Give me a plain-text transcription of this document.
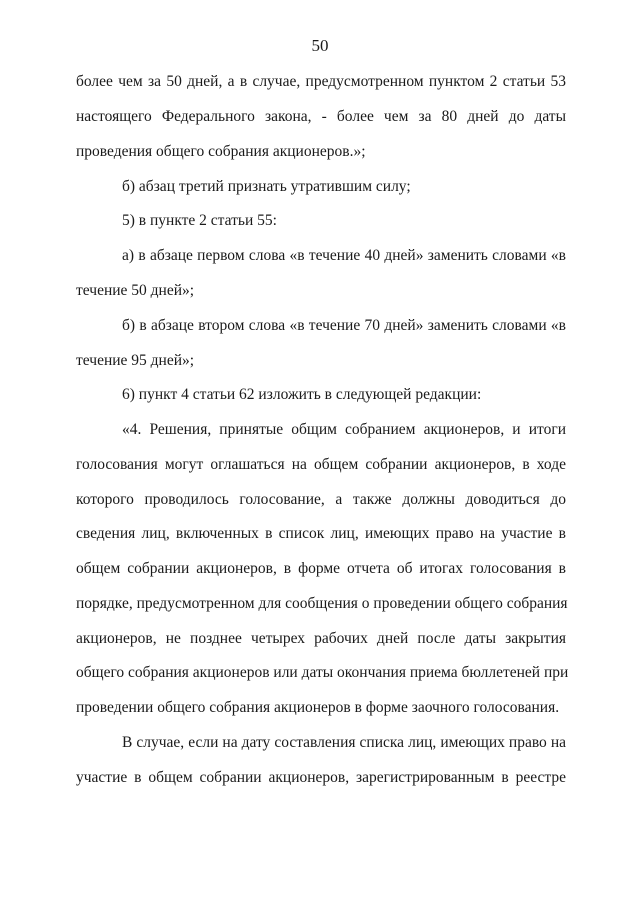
50
более чем за 50 дней, а в случае, предусмотренном пунктом 2 статьи 53
настоящего Федерального закона, - более чем за 80 дней до даты
проведения общего собрания акционеров.»;
б) абзац третий признать утратившим силу;
5) в пункте 2 статьи 55:
а) в абзаце первом слова «в течение 40 дней» заменить словами «в
течение 50 дней»;
б) в абзаце втором слова «в течение 70 дней» заменить словами «в
течение 95 дней»;
6) пункт 4 статьи 62 изложить в следующей редакции:
«4. Решения, принятые общим собранием акционеров, и итоги
голосования могут оглашаться на общем собрании акционеров, в ходе
которого проводилось голосование, а также должны доводиться до
сведения лиц, включенных в список лиц, имеющих право на участие в
общем собрании акционеров, в форме отчета об итогах голосования в
порядке, предусмотренном для сообщения о проведении общего собрания
акционеров, не позднее четырех рабочих дней после даты закрытия
общего собрания акционеров или даты окончания приема бюллетеней при
проведении общего собрания акционеров в форме заочного голосования.
В случае, если на дату составления списка лиц, имеющих право на
участие в общем собрании акционеров, зарегистрированным в реестре
